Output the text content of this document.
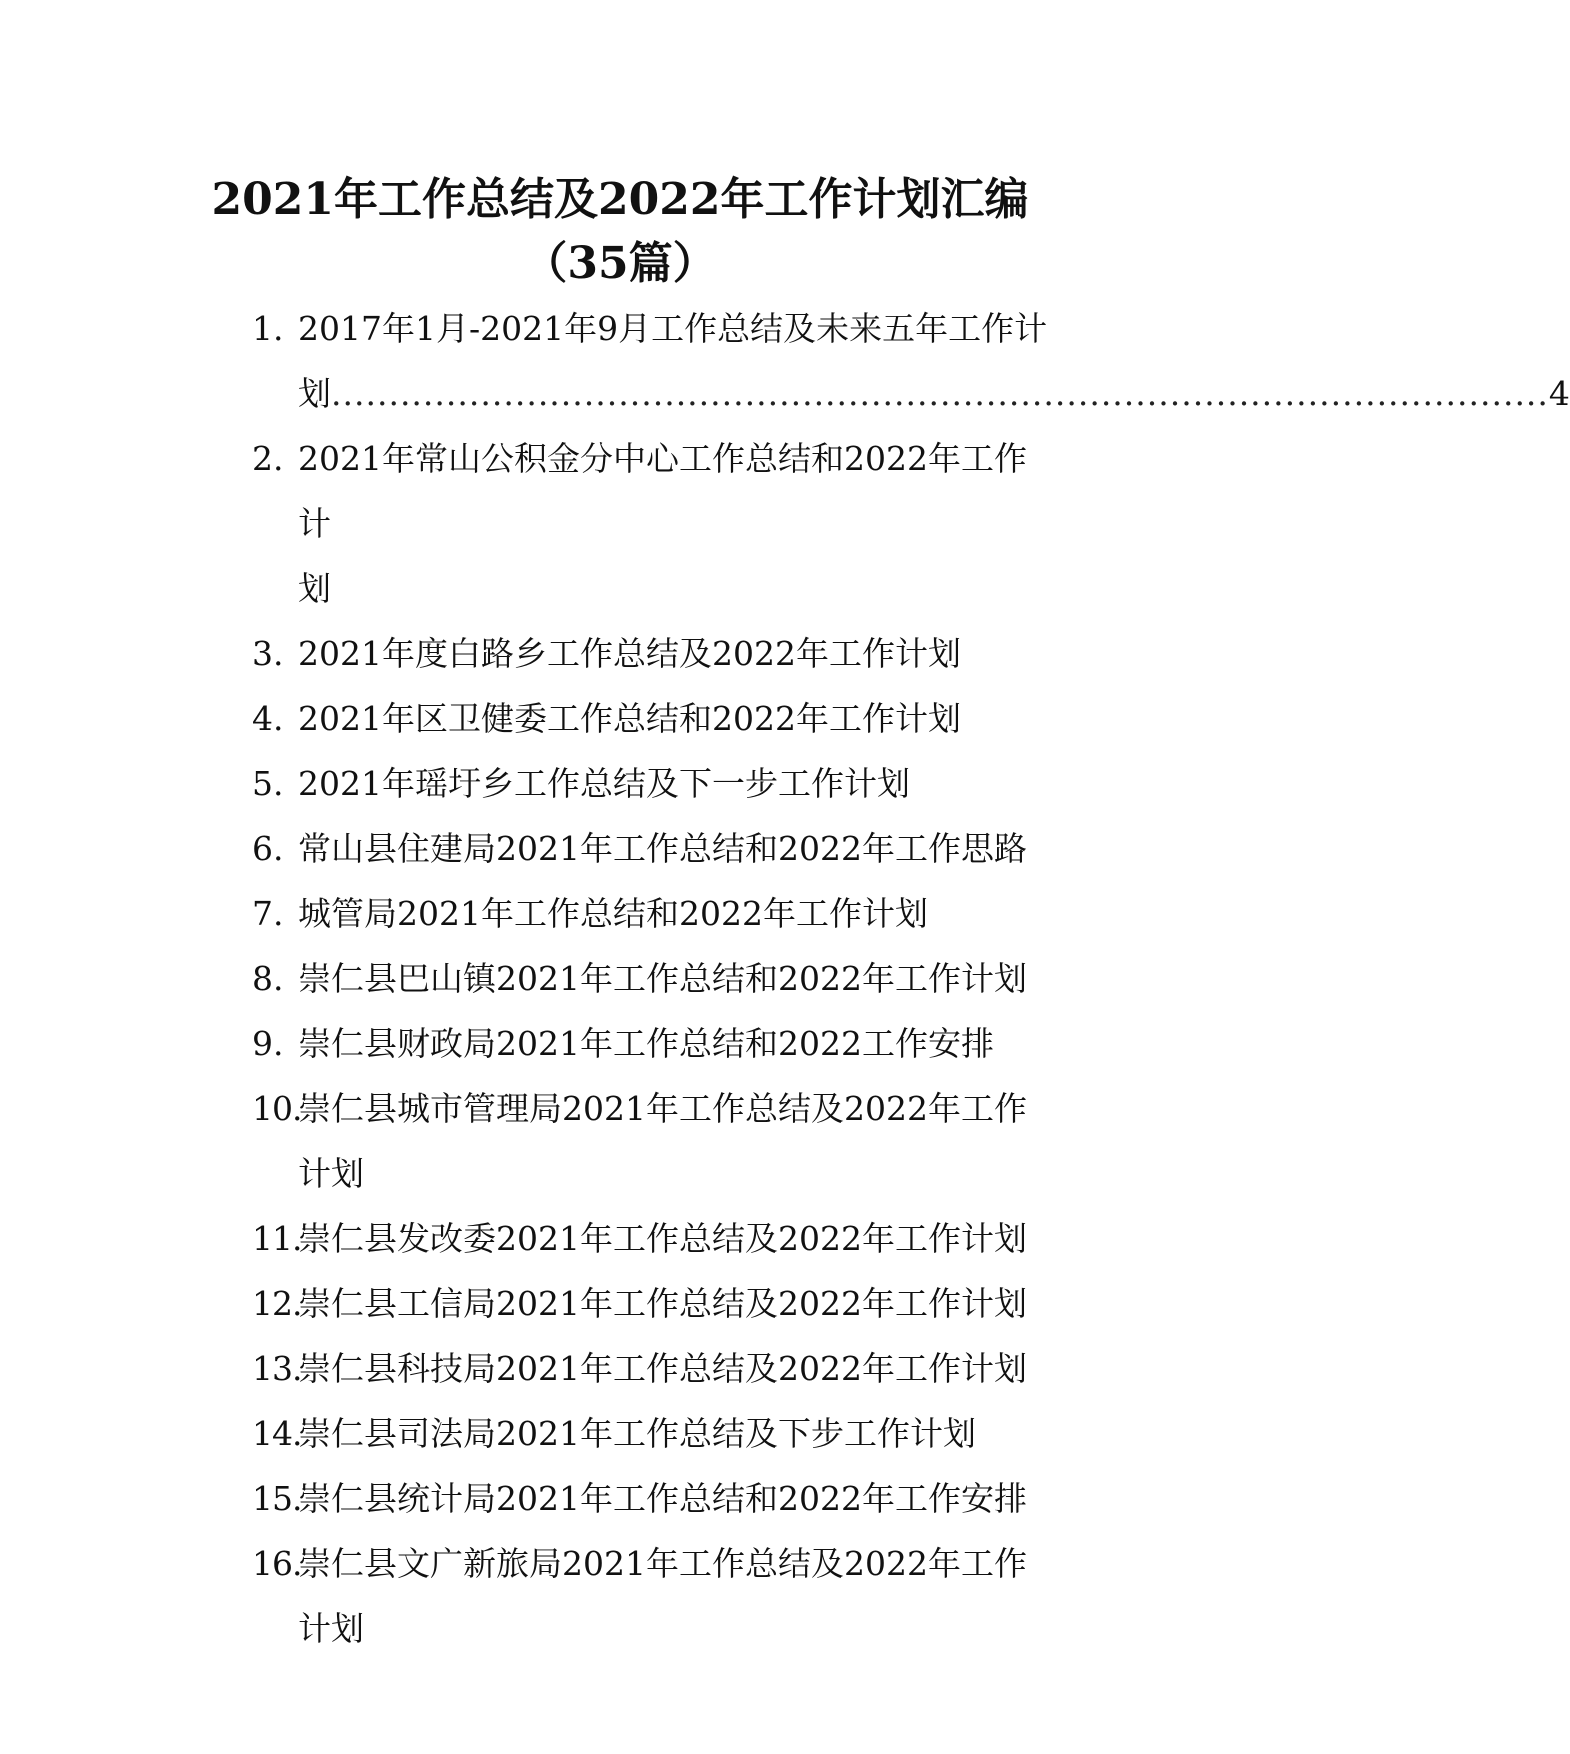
2021年工作总结及2022年工作计划汇编
（35篇）
1. 2017年1月-2021年9月工作总结及未来五年工作计
划 .......................................................................................................... 4
2. 2021年常山公积金分中心工作总结和2022年工作计
划
3. 2021年度白路乡工作总结及2022年工作计划
4. 2021年区卫健委工作总结和2022年工作计划
5. 2021年瑶圩乡工作总结及下一步工作计划
6. 常山县住建局2021年工作总结和2022年工作思路
7. 城管局2021年工作总结和2022年工作计划
8. 崇仁县巴山镇2021年工作总结和2022年工作计划
9. 崇仁县财政局2021年工作总结和2022工作安排
10.
崇仁县城市管理局2021年工作总结及2022年工作
计划
11.
崇仁县发改委2021年工作总结及2022年工作计划
12.
崇仁县工信局2021年工作总结及2022年工作计划
13.
崇仁县科技局2021年工作总结及2022年工作计划
14.
崇仁县司法局2021年工作总结及下步工作计划
15.
崇仁县统计局2021年工作总结和2022年工作安排
16.
崇仁县文广新旅局2021年工作总结及2022年工作
计划
